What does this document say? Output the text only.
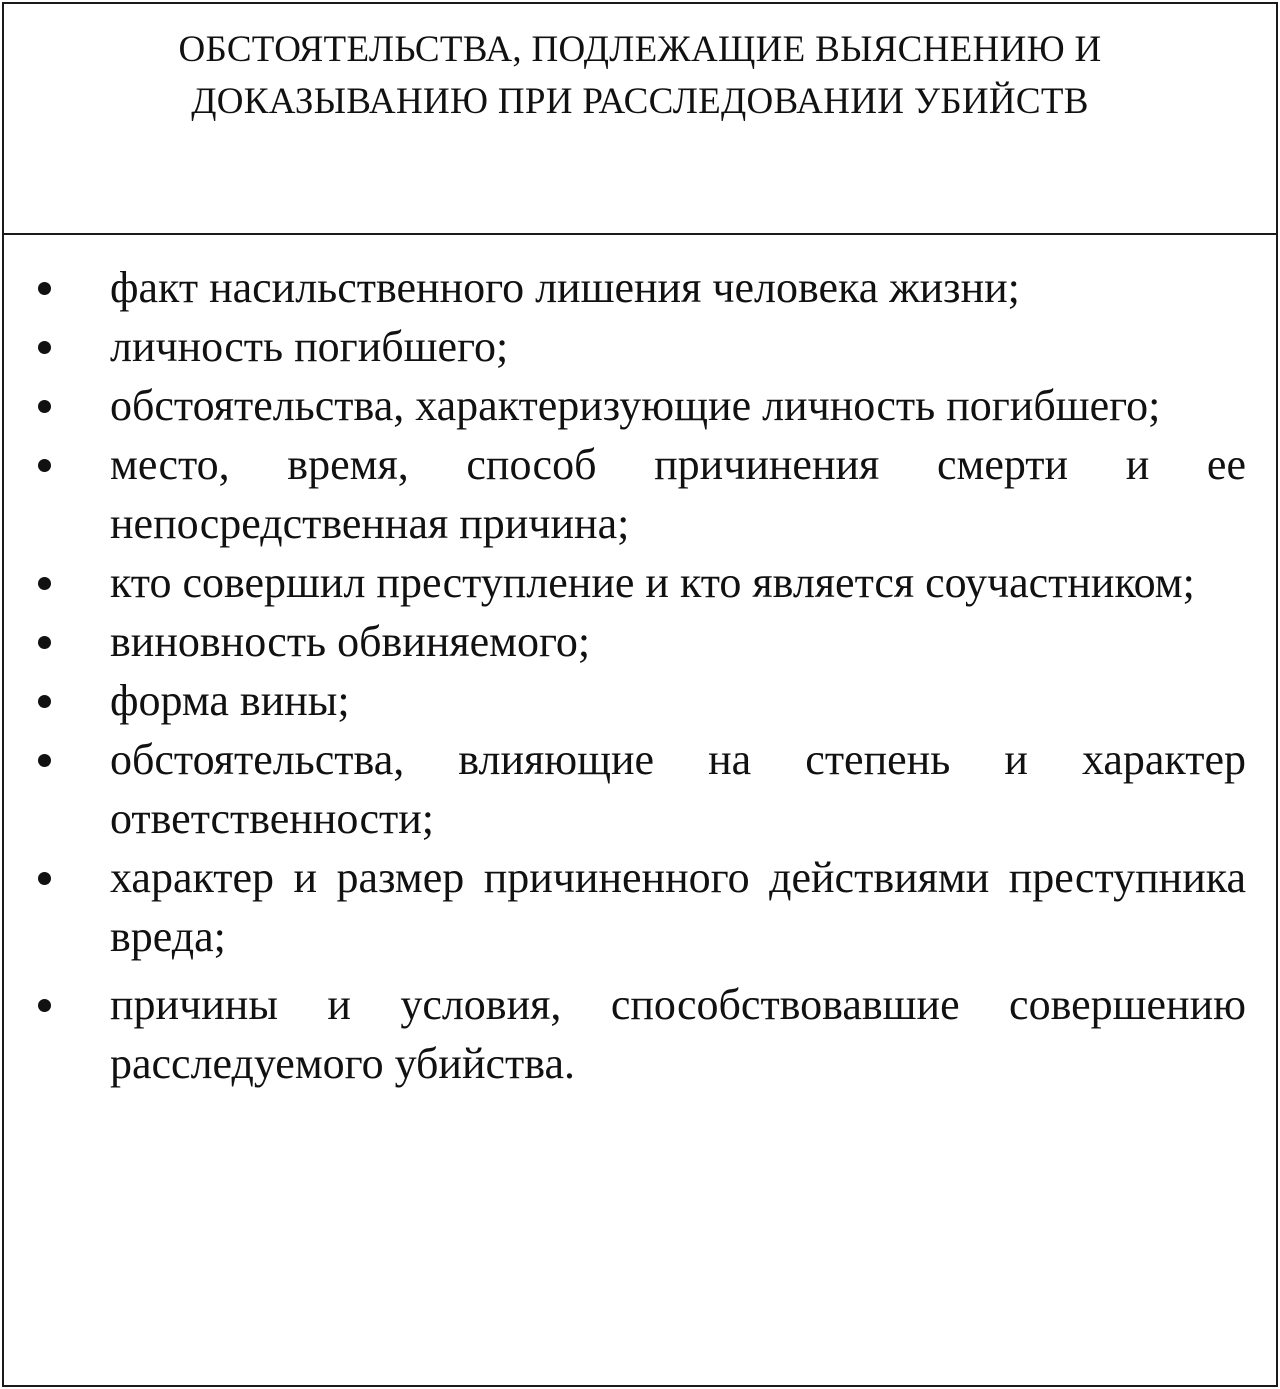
ОБСТОЯТЕЛЬСТВА, ПОДЛЕЖАЩИЕ ВЫЯСНЕНИЮ И
ДОКАЗЫВАНИЮ ПРИ РАССЛЕДОВАНИИ УБИЙСТВ
факт насильственного лишения человека жизни;
личность погибшего;
обстоятельства, характеризующие личность погибшего;
место, время, способ причинения смерти и ее непосредственная причина;
кто совершил преступление и кто является соучастником;
виновность обвиняемого;
форма вины;
обстоятельства, влияющие на степень и характер ответственности;
характер и размер причиненного действиями преступника вреда;
причины и условия, способствовавшие совершению расследуемого убийства.
